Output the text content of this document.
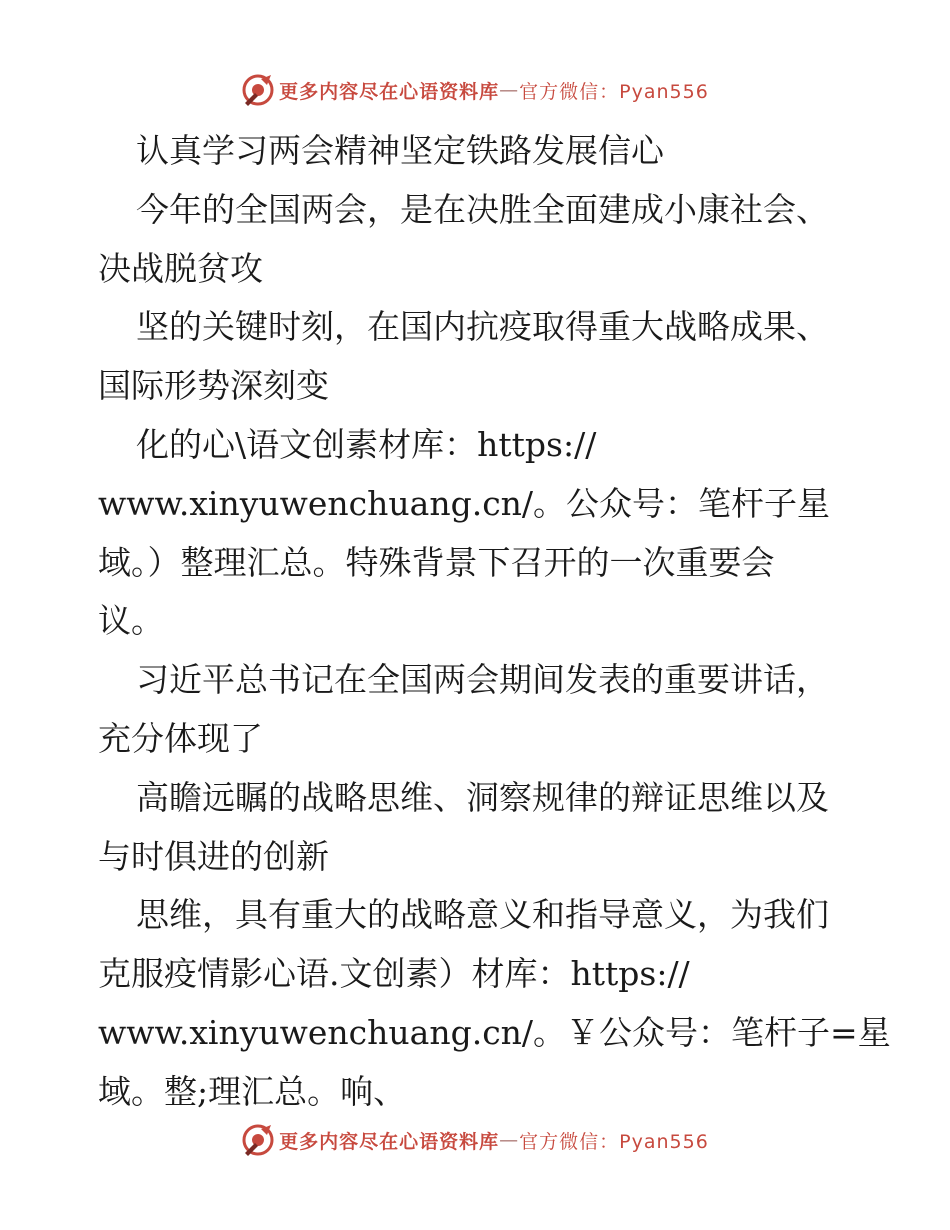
更多内容尽在心语资料库 — 官方微信：Pyan556
认真学习两会精神坚定铁路发展信心
今年的全国两会，是在决胜全面建成小康社会、
决战脱贫攻
坚的关键时刻，在国内抗疫取得重大战略成果、
国际形势深刻变
化的心\语文创素材库：https://
www.xinyuwenchuang.cn/。公众号：笔杆子星
域。）整理汇总。特殊背景下召开的一次重要会
议。
习近平总书记在全国两会期间发表的重要讲话，
充分体现了
高瞻远瞩的战略思维、洞察规律的辩证思维以及
与时俱进的创新
思维，具有重大的战略意义和指导意义，为我们
克服疫情影心语.文创素）材库：https://
www.xinyuwenchuang.cn/。￥公众号：笔杆子=星
域。整;理汇总。响、
更多内容尽在心语资料库 — 官方微信：Pyan556
